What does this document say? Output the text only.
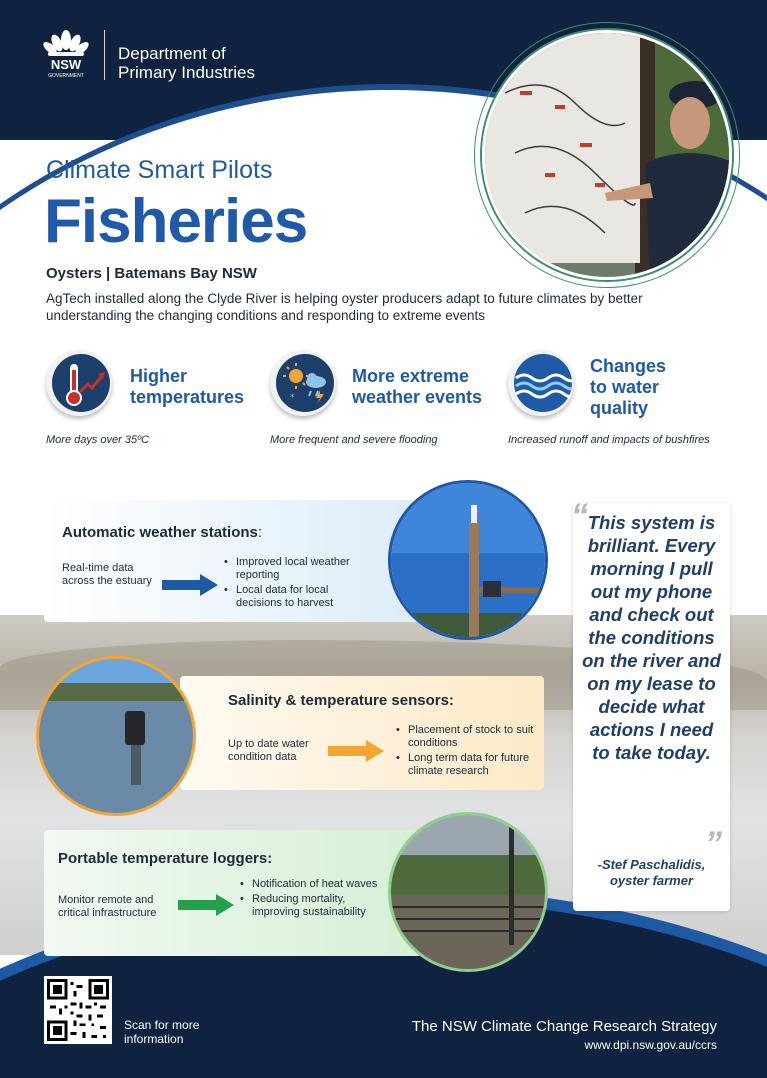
NSW
GOVERNMENT
Department of
Primary Industries
Climate Smart Pilots
Fisheries
Oysters | Batemans Bay NSW
AgTech installed along the Clyde River is helping oyster producers adapt to future climates by better understanding the changing conditions and responding to extreme events
Higher
temperatures
More days over 35ºC
*
More extreme
weather events
More frequent and severe flooding
Changes
to water
quality
Increased runoff and impacts of bushfires
Automatic weather stations:
Real-time data across the estuary
• Improved local weather reporting
• Local data for local decisions to harvest
Salinity & temperature sensors:
Up to date water condition data
• Placement of stock to suit conditions
• Long term data for future climate research
Portable temperature loggers:
Monitor remote and critical infrastructure
• Notification of heat waves
• Reducing mortality, improving sustainability
“ This system is brilliant. Every morning I pull out my phone and check out the conditions on the river and on my lease to decide what actions I need to take today.
”
-Stef Paschalidis,
oyster farmer
Scan for more
information
The NSW Climate Change Research Strategy
www.dpi.nsw.gov.au/ccrs
